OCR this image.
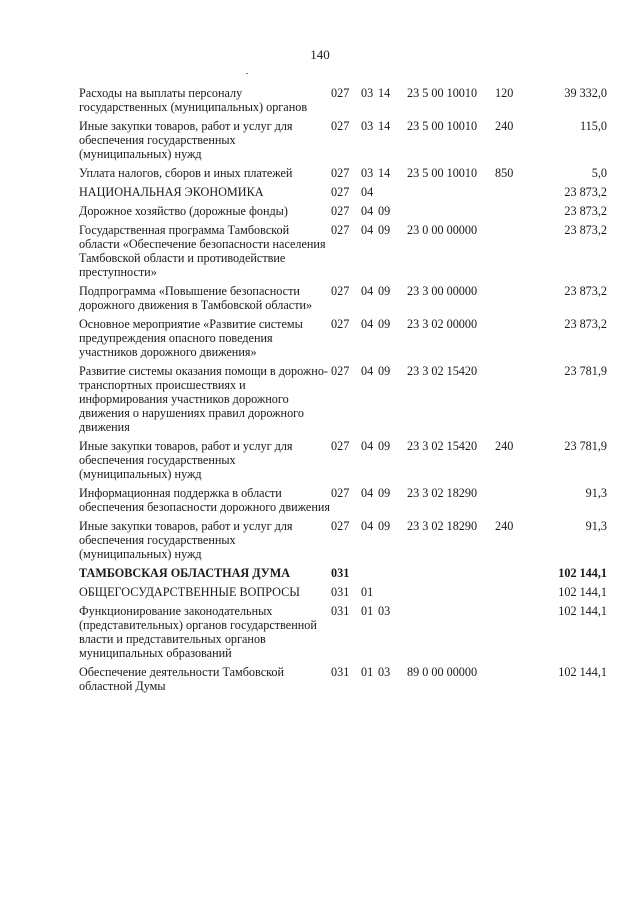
140
Расходы на выплаты персоналу государственных (муниципальных) органов	027	03	14	23 5 00 10010	120	39 332,0
Иные закупки товаров, работ и услуг для обеспечения государственных (муниципальных) нужд	027	03	14	23 5 00 10010	240	115,0
Уплата налогов, сборов и иных платежей	027	03	14	23 5 00 10010	850	5,0
НАЦИОНАЛЬНАЯ ЭКОНОМИКА	027	04				23 873,2
Дорожное хозяйство (дорожные фонды)	027	04	09			23 873,2
Государственная программа Тамбовской области «Обеспечение безопасности населения Тамбовской области и противодействие преступности»	027	04	09	23 0 00 00000		23 873,2
Подпрограмма «Повышение безопасности дорожного движения в Тамбовской области»	027	04	09	23 3 00 00000		23 873,2
Основное мероприятие «Развитие системы предупреждения опасного поведения участников дорожного движения»	027	04	09	23 3 02 00000		23 873,2
Развитие системы оказания помощи в дорожно-транспортных происшествиях и информирования участников дорожного движения о нарушениях правил дорожного движения	027	04	09	23 3 02 15420		23 781,9
Иные закупки товаров, работ и услуг для обеспечения государственных (муниципальных) нужд	027	04	09	23 3 02 15420	240	23 781,9
Информационная поддержка в области обеспечения безопасности дорожного движения	027	04	09	23 3 02 18290		91,3
Иные закупки товаров, работ и услуг для обеспечения государственных (муниципальных) нужд	027	04	09	23 3 02 18290	240	91,3
ТАМБОВСКАЯ ОБЛАСТНАЯ ДУМА	031					102 144,1
ОБЩЕГОСУДАРСТВЕННЫЕ ВОПРОСЫ	031	01				102 144,1
Функционирование законодательных (представительных) органов государственной власти и представительных органов муниципальных образований	031	01	03			102 144,1
Обеспечение деятельности Тамбовской областной Думы	031	01	03	89 0 00 00000		102 144,1
